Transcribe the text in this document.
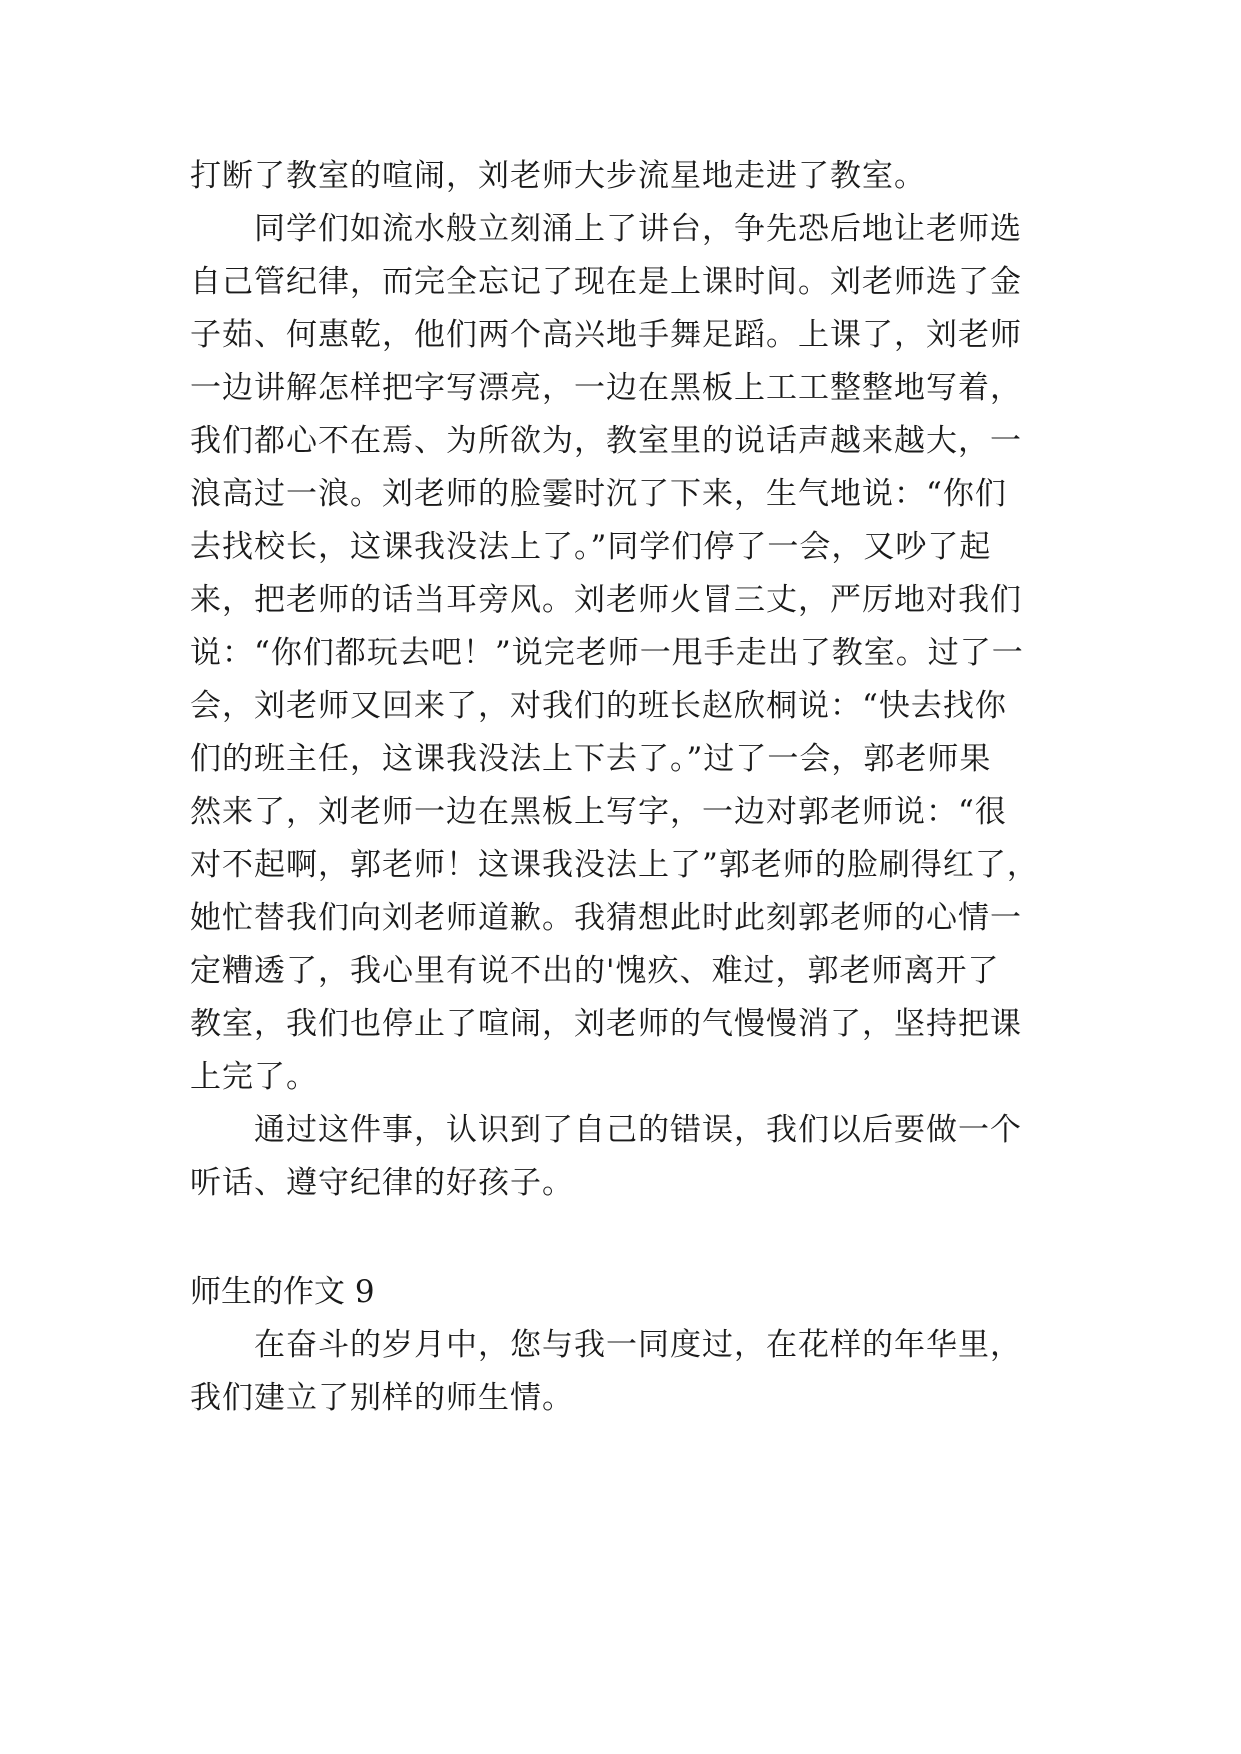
打断了教室的喧闹，刘老师大步流星地走进了教室。
同学们如流水般立刻涌上了讲台，争先恐后地让老师选
自己管纪律，而完全忘记了现在是上课时间。刘老师选了金
子茹、何惠乾，他们两个高兴地手舞足蹈。上课了，刘老师
一边讲解怎样把字写漂亮，一边在黑板上工工整整地写着，
我们都心不在焉、为所欲为，教室里的说话声越来越大，一
浪高过一浪。刘老师的脸霎时沉了下来，生气地说：“你们
去找校长，这课我没法上了。”同学们停了一会，又吵了起
来，把老师的话当耳旁风。刘老师火冒三丈，严厉地对我们
说：“你们都玩去吧！”说完老师一甩手走出了教室。过了一
会，刘老师又回来了，对我们的班长赵欣桐说：“快去找你
们的班主任，这课我没法上下去了。”过了一会，郭老师果
然来了，刘老师一边在黑板上写字，一边对郭老师说：“很
对不起啊，郭老师！这课我没法上了”郭老师的脸刷得红了，
她忙替我们向刘老师道歉。我猜想此时此刻郭老师的心情一
定糟透了，我心里有说不出的'愧疚、难过，郭老师离开了
教室，我们也停止了喧闹，刘老师的气慢慢消了，坚持把课
上完了。
通过这件事，认识到了自己的错误，我们以后要做一个
听话、遵守纪律的好孩子。
师生的作文 9
在奋斗的岁月中，您与我一同度过，在花样的年华里，
我们建立了别样的师生情。
